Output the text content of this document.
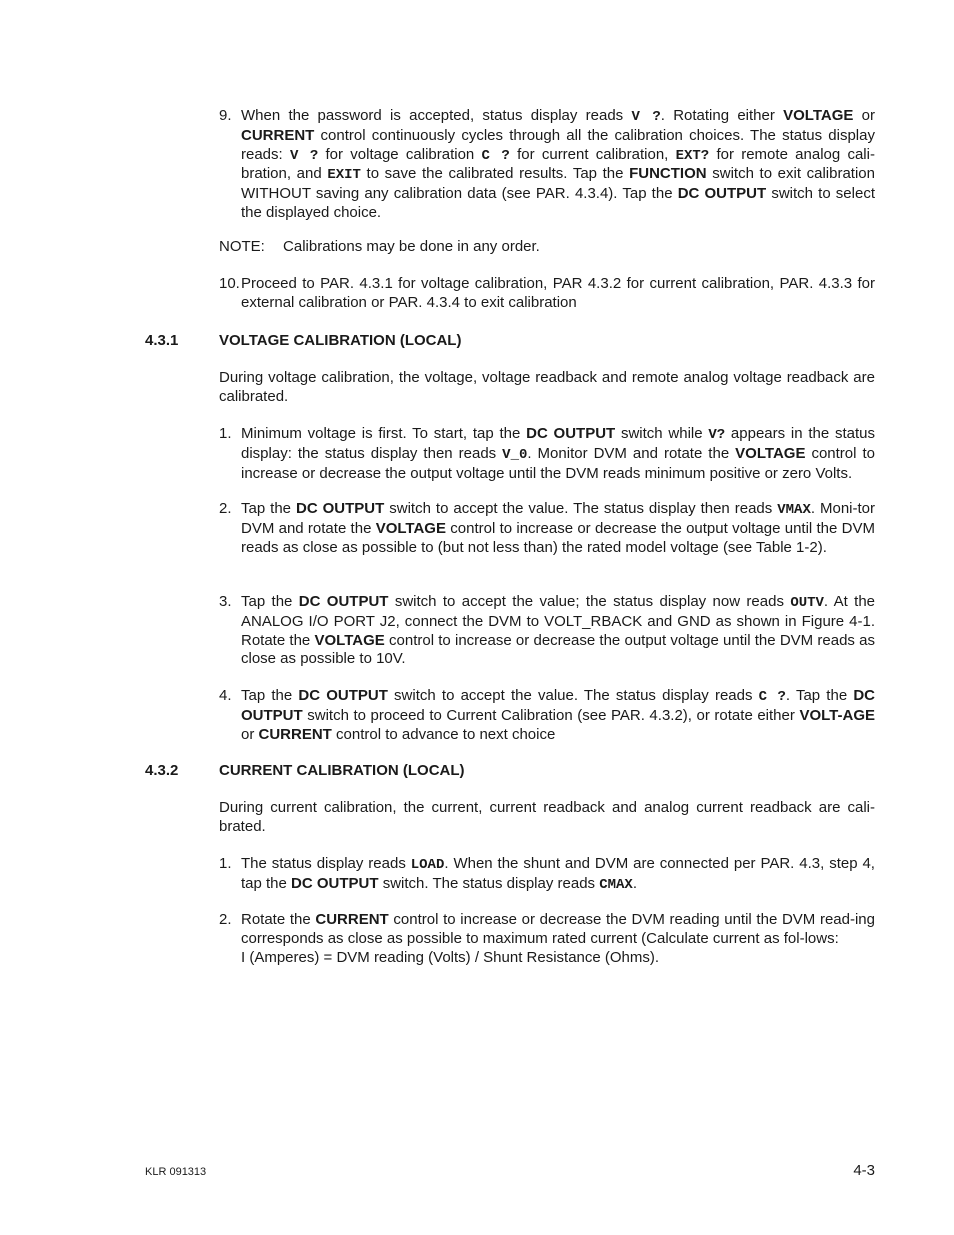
9. When the password is accepted, status display reads V ?. Rotating either VOLTAGE or CURRENT control continuously cycles through all the calibration choices. The status display reads: V ? for voltage calibration C ? for current calibration, EXT? for remote analog cali-bration, and EXIT to save the calibrated results. Tap the FUNCTION switch to exit calibration WITHOUT saving any calibration data (see PAR. 4.3.4). Tap the DC OUTPUT switch to select the displayed choice.
NOTE: Calibrations may be done in any order.
10. Proceed to PAR. 4.3.1 for voltage calibration, PAR 4.3.2 for current calibration, PAR. 4.3.3 for external calibration or PAR. 4.3.4 to exit calibration
4.3.1	VOLTAGE CALIBRATION (LOCAL)
During voltage calibration, the voltage, voltage readback and remote analog voltage readback are calibrated.
1. Minimum voltage is first. To start, tap the DC OUTPUT switch while V? appears in the status display: the status display then reads V_0. Monitor DVM and rotate the VOLTAGE control to increase or decrease the output voltage until the DVM reads minimum positive or zero Volts.
2. Tap the DC OUTPUT switch to accept the value. The status display then reads VMAX. Moni-tor DVM and rotate the VOLTAGE control to increase or decrease the output voltage until the DVM reads as close as possible to (but not less than) the rated model voltage (see Table 1-2).
3. Tap the DC OUTPUT switch to accept the value; the status display now reads OUTV. At the ANALOG I/O PORT J2, connect the DVM to VOLT_RBACK and GND as shown in Figure 4-1. Rotate the VOLTAGE control to increase or decrease the output voltage until the DVM reads as close as possible to 10V.
4. Tap the DC OUTPUT switch to accept the value. The status display reads C ?. Tap the DC OUTPUT switch to proceed to Current Calibration (see PAR. 4.3.2), or rotate either VOLT-AGE or CURRENT control to advance to next choice
4.3.2	CURRENT CALIBRATION (LOCAL)
During current calibration, the current, current readback and analog current readback are cali-brated.
1. The status display reads LOAD. When the shunt and DVM are connected per PAR. 4.3, step 4, tap the DC OUTPUT switch. The status display reads CMAX.
2. Rotate the CURRENT control to increase or decrease the DVM reading until the DVM read-ing corresponds as close as possible to maximum rated current (Calculate current as fol-lows:
I (Amperes) = DVM reading (Volts) / Shunt Resistance (Ohms).
KLR 091313	4-3
